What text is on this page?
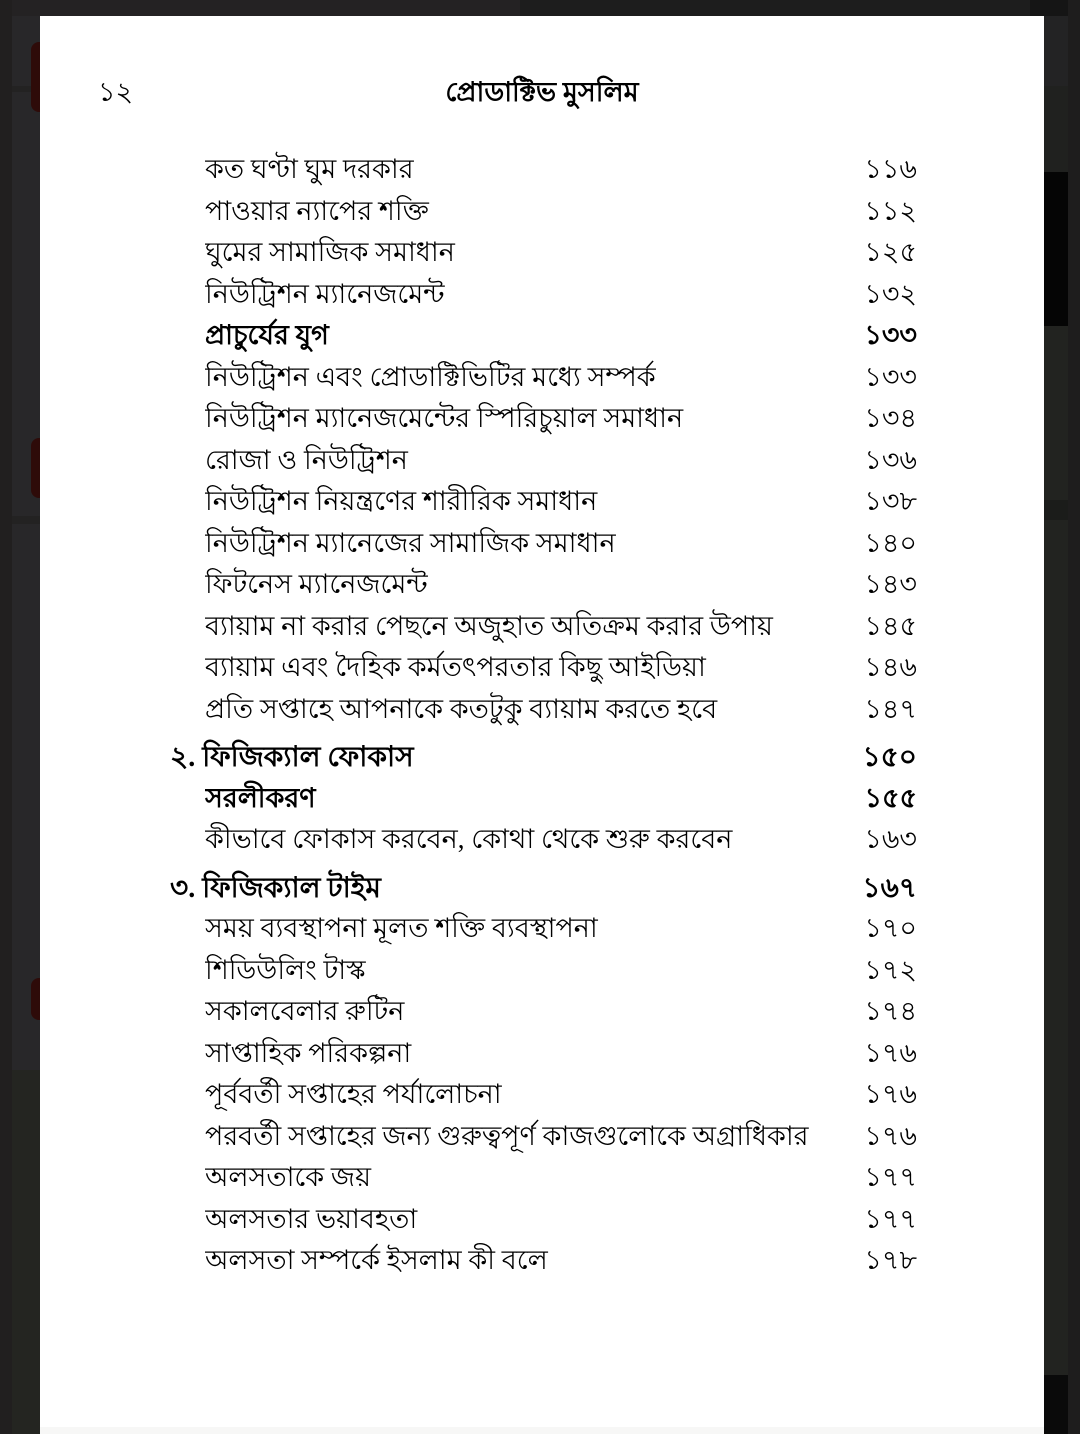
১২	প্রোডাক্টিভ মুসলিম
কত ঘণ্টা ঘুম দরকার	১১৬
পাওয়ার ন্যাপের শক্তি	১১২
ঘুমের সামাজিক সমাধান	১২৫
নিউট্রিশন ম্যানেজমেন্ট	১৩২
প্রাচুর্যের যুগ	১৩৩
নিউট্রিশন এবং প্রোডাক্টিভিটির মধ্যে সম্পর্ক	১৩৩
নিউট্রিশন ম্যানেজমেন্টের স্পিরিচুয়াল সমাধান	১৩৪
রোজা ও নিউট্রিশন	১৩৬
নিউট্রিশন নিয়ন্ত্রণের শারীরিক সমাধান	১৩৮
নিউট্রিশন ম্যানেজের সামাজিক সমাধান	১৪০
ফিটনেস ম্যানেজমেন্ট	১৪৩
ব্যায়াম না করার পেছনে অজুহাত অতিক্রম করার উপায়	১৪৫
ব্যায়াম এবং দৈহিক কর্মতৎপরতার কিছু আইডিয়া	১৪৬
প্রতি সপ্তাহে আপনাকে কতটুকু ব্যায়াম করতে হবে	১৪৭
২. ফিজিক্যাল ফোকাস	১৫০
সরলীকরণ	১৫৫
কীভাবে ফোকাস করবেন, কোথা থেকে শুরু করবেন	১৬৩
৩. ফিজিক্যাল টাইম	১৬৭
সময় ব্যবস্থাপনা মূলত শক্তি ব্যবস্থাপনা	১৭০
শিডিউলিং টাস্ক	১৭২
সকালবেলার রুটিন	১৭৪
সাপ্তাহিক পরিকল্পনা	১৭৬
পূর্ববর্তী সপ্তাহের পর্যালোচনা	১৭৬
পরবর্তী সপ্তাহের জন্য গুরুত্বপূর্ণ কাজগুলোকে অগ্রাধিকার	১৭৬
অলসতাকে জয়	১৭৭
অলসতার ভয়াবহতা	১৭৭
অলসতা সম্পর্কে ইসলাম কী বলে	১৭৮
